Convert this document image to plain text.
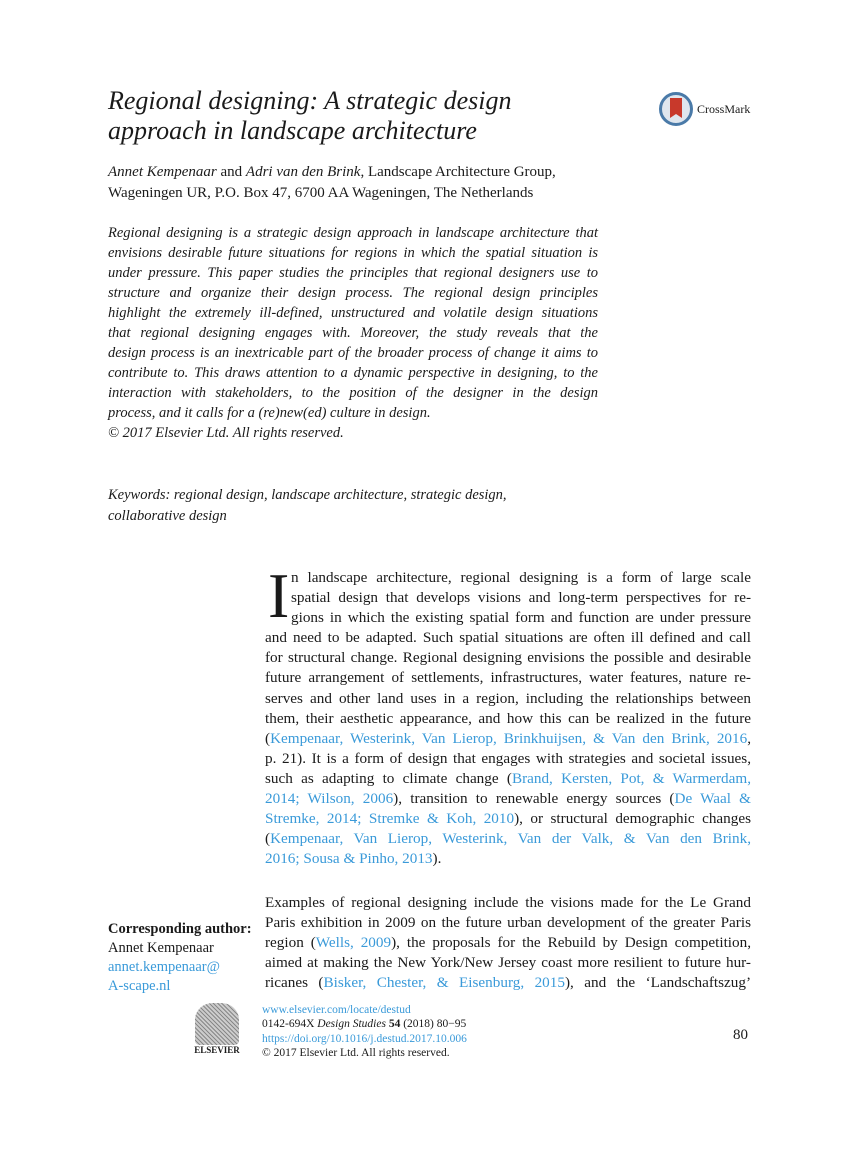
Regional designing: A strategic design
approach in landscape architecture
CrossMark
Annet Kempenaar and Adri van den Brink, Landscape Architecture Group,
Wageningen UR, P.O. Box 47, 6700 AA Wageningen, The Netherlands
Regional designing is a strategic design approach in landscape architecture that
envisions desirable future situations for regions in which the spatial situation is
under pressure. This paper studies the principles that regional designers use to
structure and organize their design process. The regional design principles
highlight the extremely ill-defined, unstructured and volatile design situations
that regional designing engages with. Moreover, the study reveals that the
design process is an inextricable part of the broader process of change it aims to
contribute to. This draws attention to a dynamic perspective in designing, to the
interaction with stakeholders, to the position of the designer in the design
process, and it calls for a (re)new(ed) culture in design.
© 2017 Elsevier Ltd. All rights reserved.
Keywords: regional design, landscape architecture, strategic design,
collaborative design
I n landscape architecture, regional designing is a form of large scale
spatial design that develops visions and long-term perspectives for re-
gions in which the existing spatial form and function are under pressure
and need to be adapted. Such spatial situations are often ill defined and call
for structural change. Regional designing envisions the possible and desirable
future arrangement of settlements, infrastructures, water features, nature re-
serves and other land uses in a region, including the relationships between
them, their aesthetic appearance, and how this can be realized in the future
(Kempenaar, Westerink, Van Lierop, Brinkhuijsen, & Van den Brink, 2016,
p. 21). It is a form of design that engages with strategies and societal issues,
such as adapting to climate change (Brand, Kersten, Pot, & Warmerdam,
2014; Wilson, 2006), transition to renewable energy sources (De Waal &
Stremke, 2014; Stremke & Koh, 2010), or structural demographic changes
(Kempenaar, Van Lierop, Westerink, Van der Valk, & Van den Brink,
2016; Sousa & Pinho, 2013).
Examples of regional designing include the visions made for the Le Grand
Paris exhibition in 2009 on the future urban development of the greater Paris
region (Wells, 2009), the proposals for the Rebuild by Design competition,
aimed at making the New York/New Jersey coast more resilient to future hur-
ricanes (Bisker, Chester, & Eisenburg, 2015), and the ‘Landschaftszug’
Corresponding author:
Annet Kempenaar
annet.kempenaar@
A-scape.nl
ELSEVIER
www.elsevier.com/locate/destud
0142-694X Design Studies 54 (2018) 80−95
https://doi.org/10.1016/j.destud.2017.10.006
© 2017 Elsevier Ltd. All rights reserved.
80
